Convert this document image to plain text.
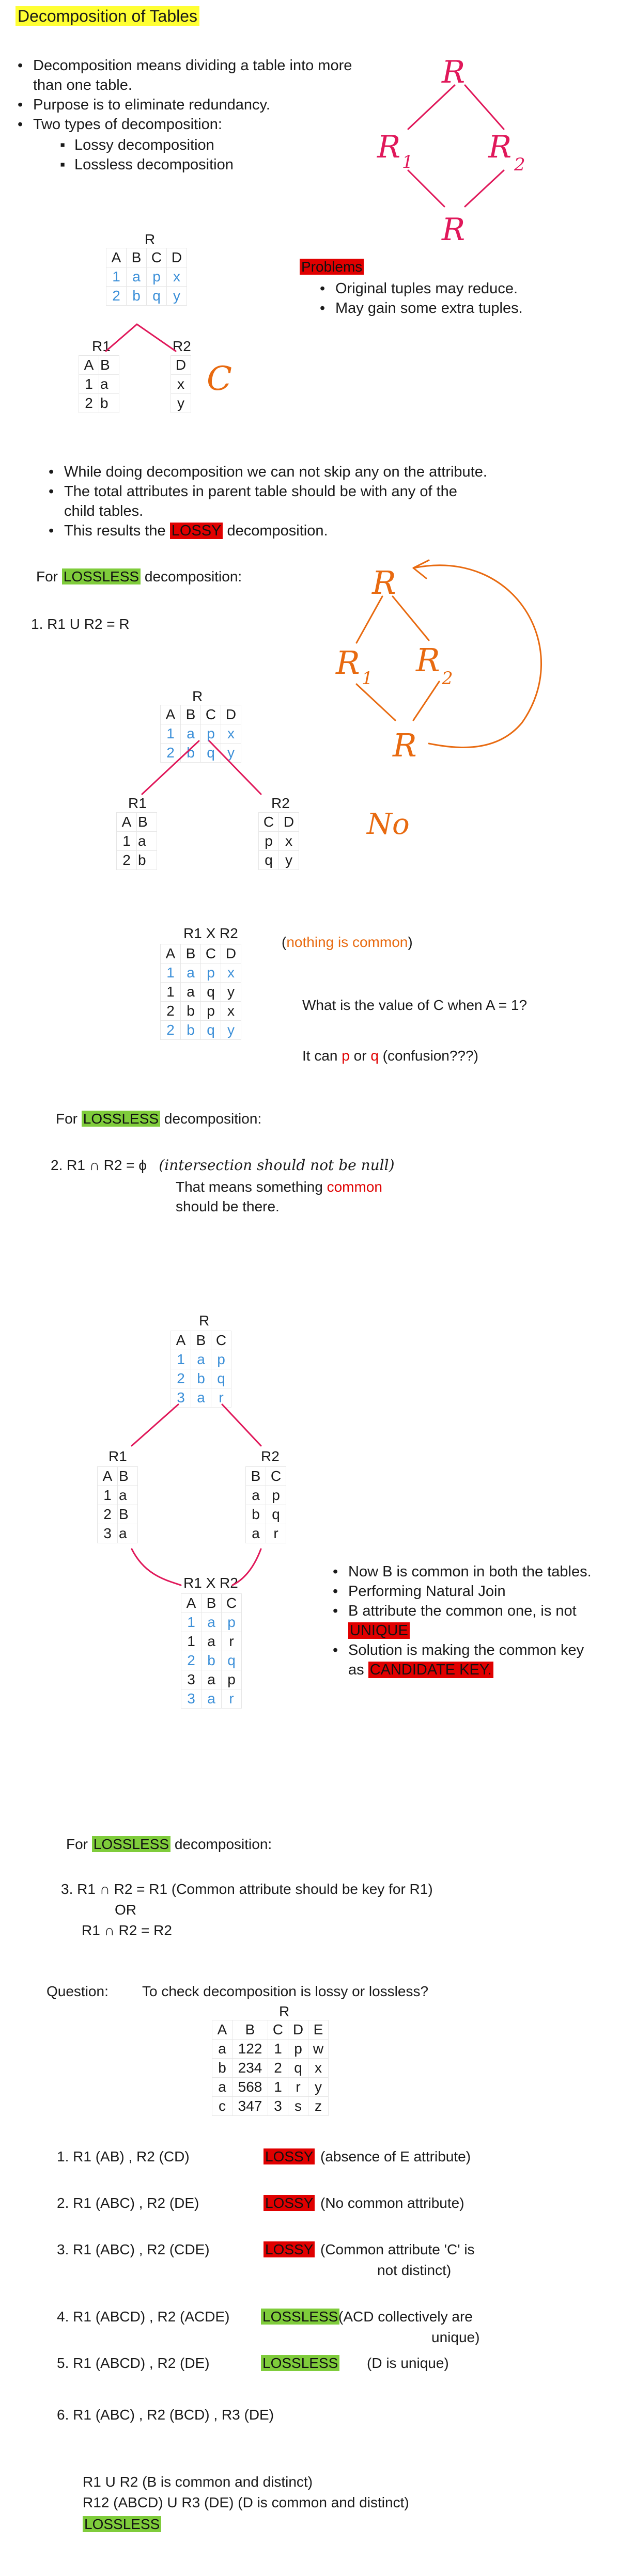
Decomposition of Tables
• Decomposition means dividing a table into more
than one table.
• Purpose is to eliminate redundancy.
• Two types of decomposition:
▪ Lossy decomposition
▪ Lossless decomposition
R
A	B	C	D
1	a	p	x
2	b	q	y
R1
A	B
1	a
2	b
R2
D
x
y
Problems
• Original tuples may reduce.
• May gain some extra tuples.
• While doing decomposition we can not skip any on the attribute.
• The total attributes in parent table should be with any of the
child tables.
• This results the LOSSY decomposition.
For LOSSLESS decomposition:
1. R1 U R2 = R
R
A	B	C	D
1	a	p	x
2	b	q	y
R1
A	B
1	a
2	b
R2
C	D
p	x
q	y
R1 X R2
A	B	C	D
1	a	p	x
1	a	q	y
2	b	p	x
2	b	q	y
(nothing is common)
What is the value of C when A = 1?
It can p or q (confusion???)
For LOSSLESS decomposition:
2. R1 ∩ R2 = ϕ (intersection should not be null)
That means something common
should be there.
R
A	B	C
1	a	p
2	b	q
3	a	r
R1
A	B
1	a
2	B
3	a
R2
B	C
a	p
b	q
a	r
R1 X R2
A	B	C
1	a	p
1	a	r
2	b	q
3	a	p
3	a	r
• Now B is common in both the tables.
• Performing Natural Join
• B attribute the common one, is not
UNIQUE
• Solution is making the common key
as CANDIDATE KEY.
For LOSSLESS decomposition:
3. R1 ∩ R2 = R1 (Common attribute should be key for R1)
OR
R1 ∩ R2 = R2
Question: To check decomposition is lossy or lossless?
R
A	B	C	D	E
a	122	1	p	w
b	234	2	q	x
a	568	1	r	y
c	347	3	s	z
1. R1 (AB) , R2 (CD)	LOSSY (absence of E attribute)
2. R1 (ABC) , R2 (DE)	LOSSY (No common attribute)
3. R1 (ABC) , R2 (CDE)	LOSSY (Common attribute 'C' is
not distinct)
4. R1 (ABCD) , R2 (ACDE) LOSSLESS (ACD collectively are
unique)
5. R1 (ABCD) , R2 (DE)	LOSSLESS (D is unique)
6. R1 (ABC) , R2 (BCD) , R3 (DE)
R1 U R2 (B is common and distinct)
R12 (ABCD) U R3 (DE) (D is common and distinct)
LOSSLESS
R
R 1 R 2
R
C
R
R 1 R 2
R
No
